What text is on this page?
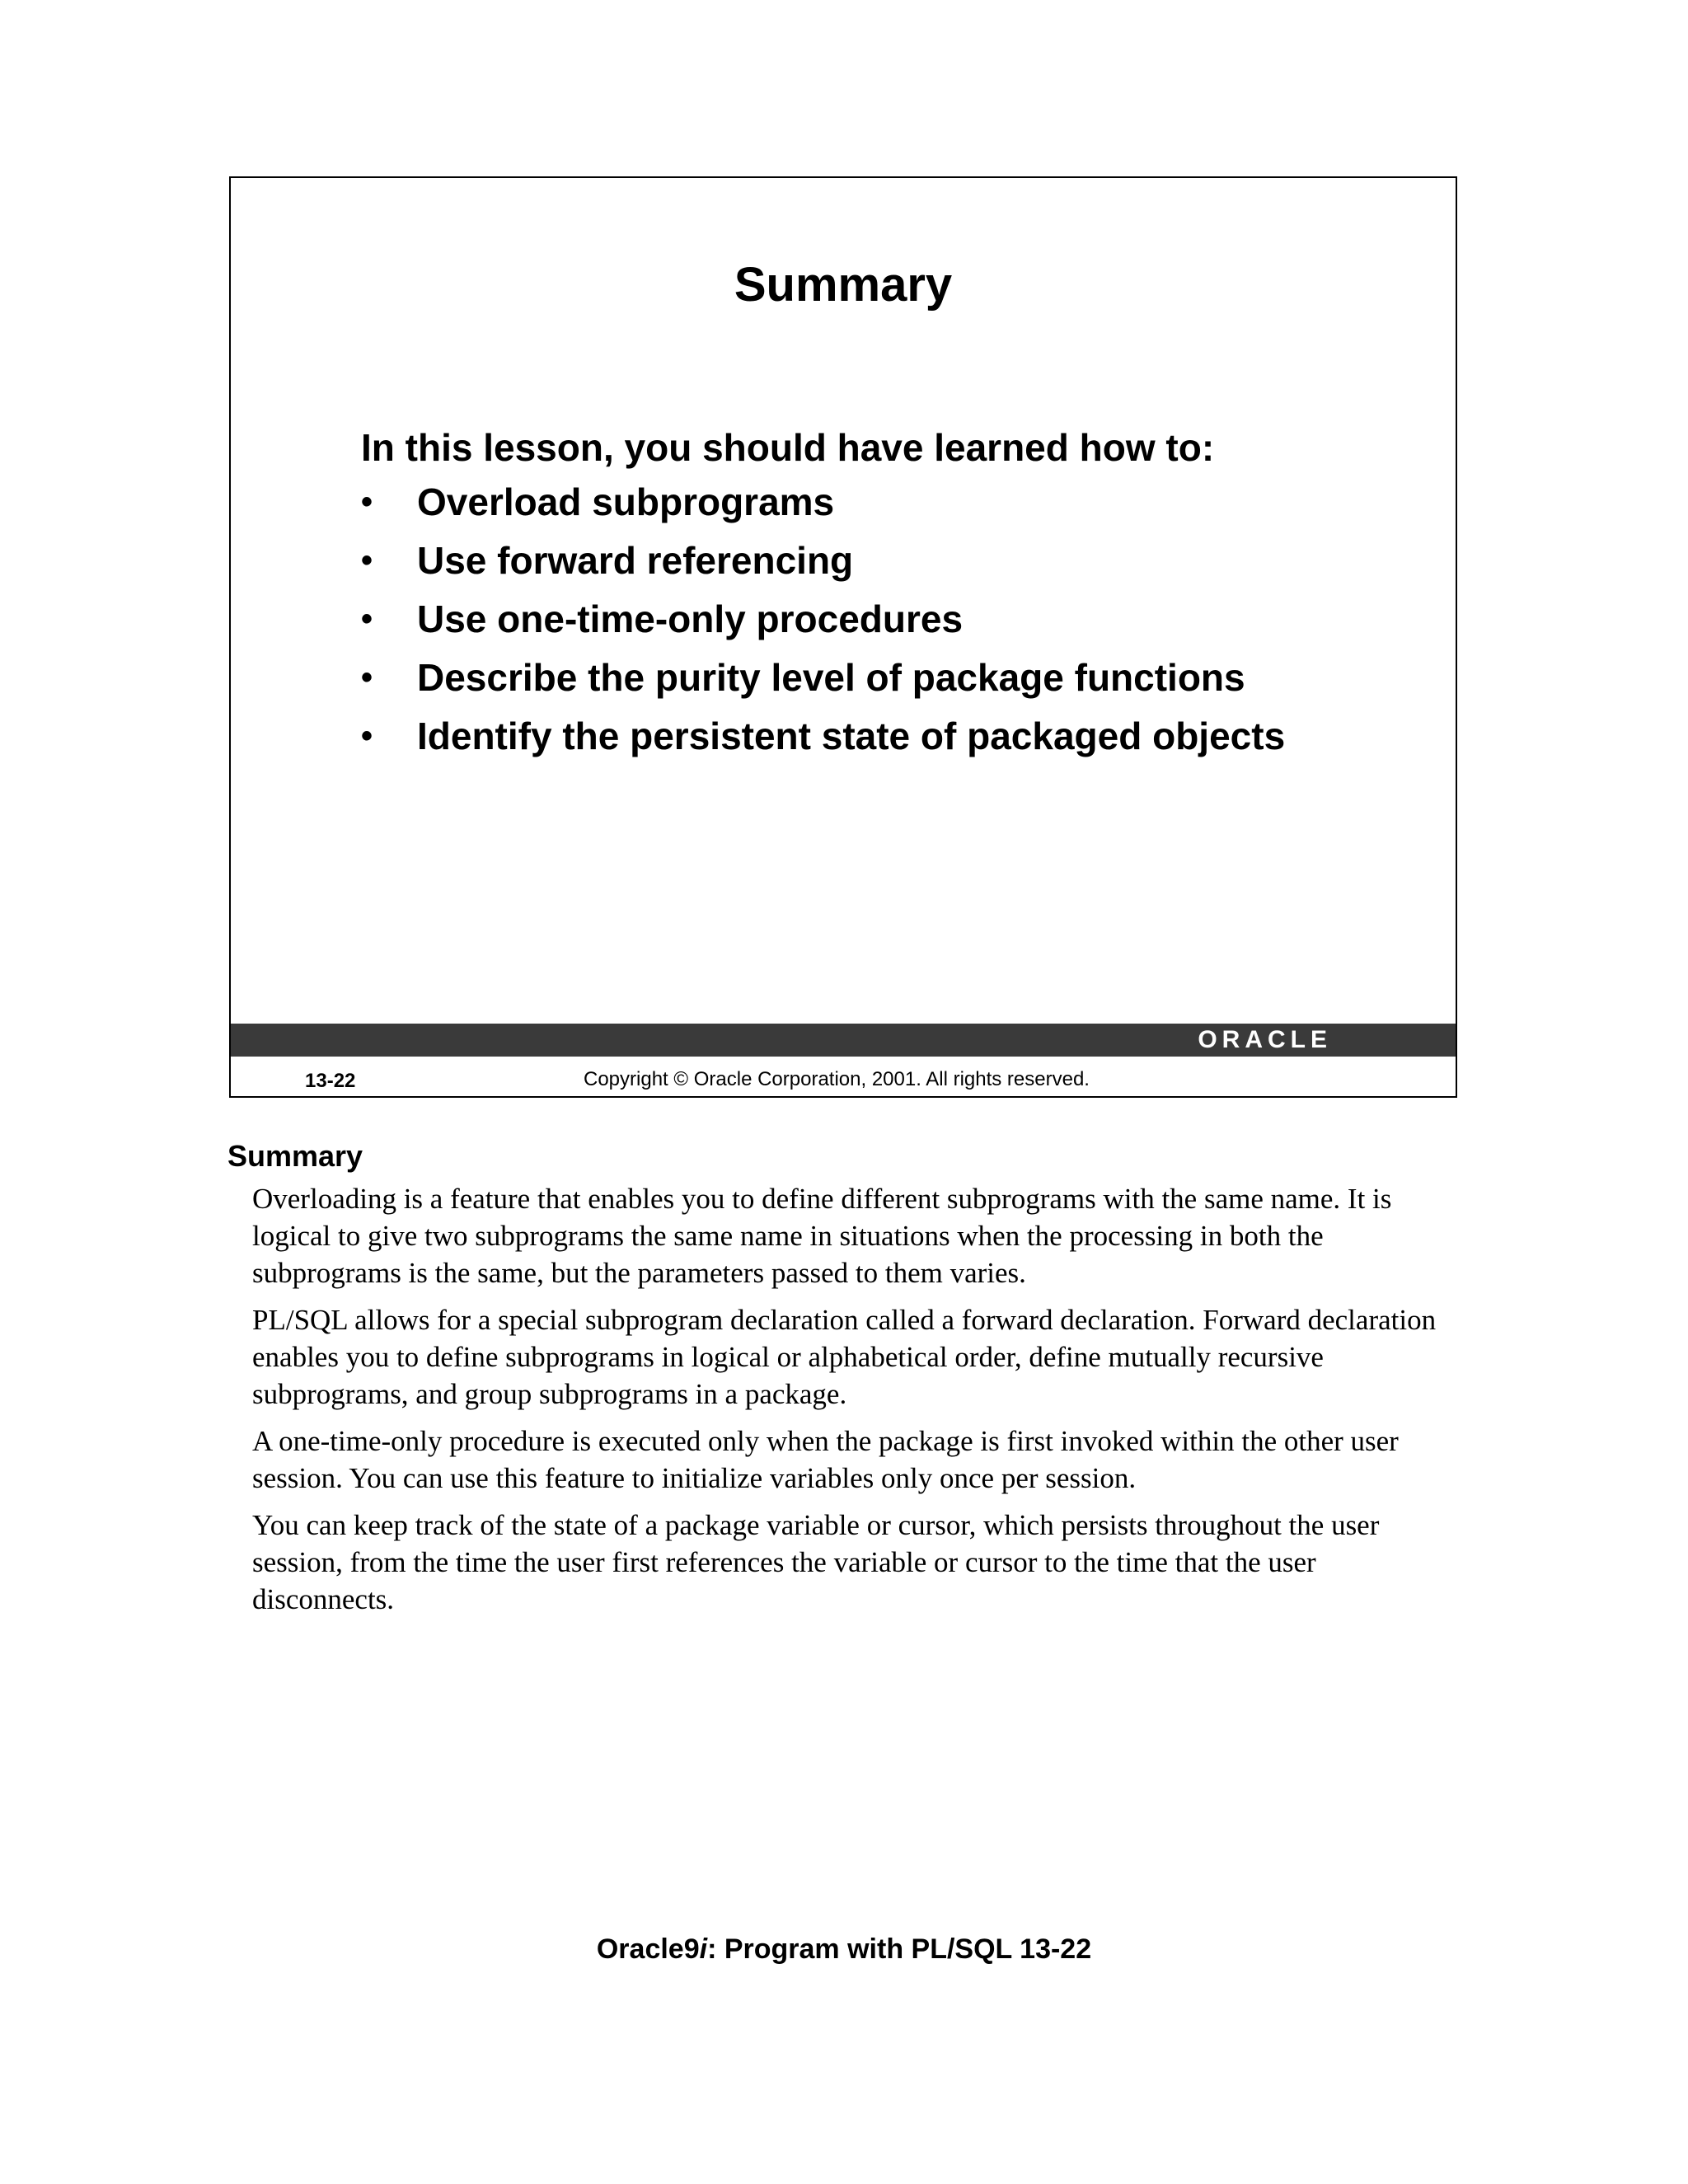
Summary
In this lesson, you should have learned how to:
• Overload subprograms
• Use forward referencing
• Use one-time-only procedures
• Describe the purity level of package functions
• Identify the persistent state of packaged objects
ORACLE
13-22	Copyright © Oracle Corporation, 2001. All rights reserved.
Summary

Overloading is a feature that enables you to define different subprograms with the same name. It is logical to give two subprograms the same name in situations when the processing in both the subprograms is the same, but the parameters passed to them varies.

PL/SQL allows for a special subprogram declaration called a forward declaration. Forward declaration enables you to define subprograms in logical or alphabetical order, define mutually recursive subprograms, and group subprograms in a package.

A one-time-only procedure is executed only when the package is first invoked within the other user session. You can use this feature to initialize variables only once per session.

You can keep track of the state of a package variable or cursor, which persists throughout the user session, from the time the user first references the variable or cursor to the time that the user disconnects.

Oracle9i: Program with PL/SQL 13-22
